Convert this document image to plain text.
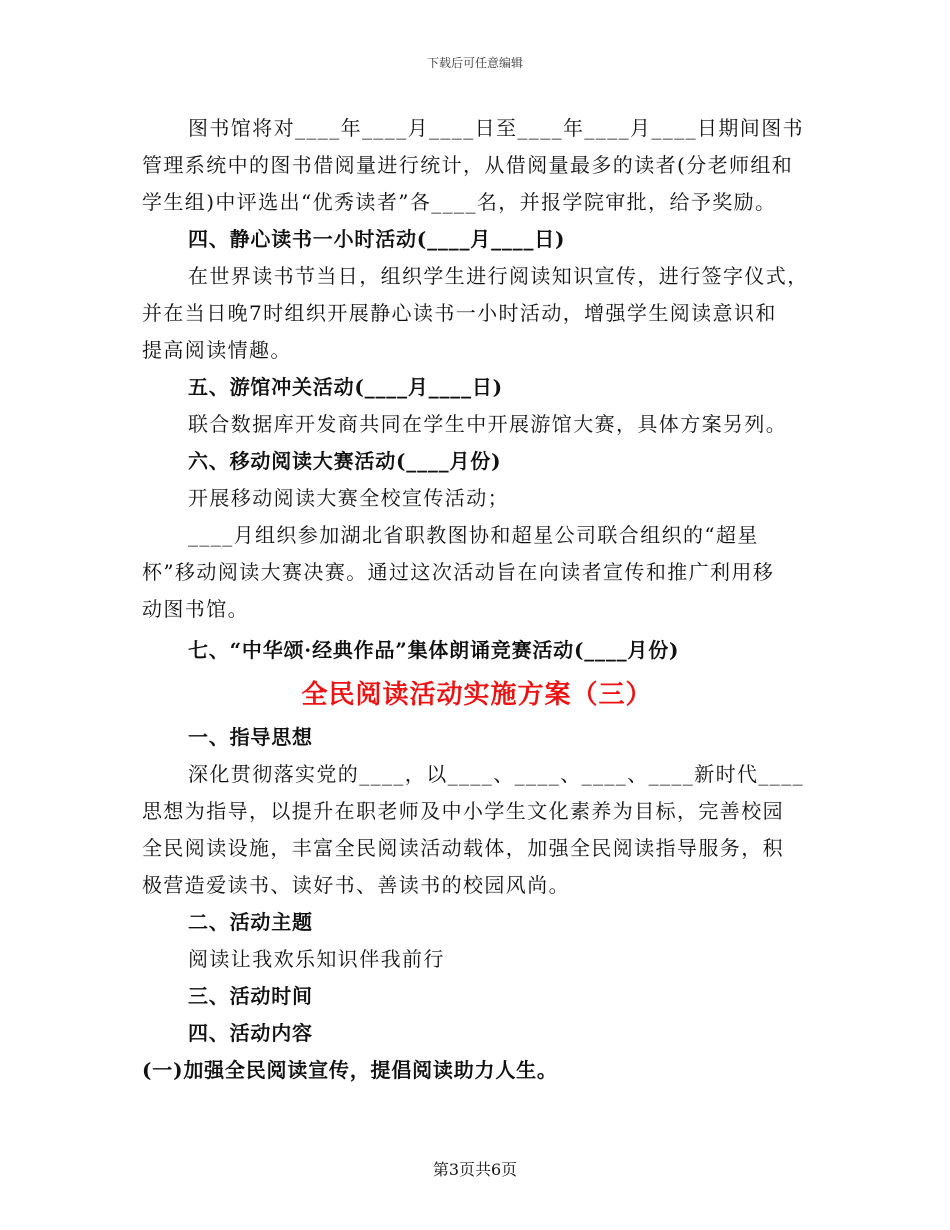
下载后可任意编辑
图书馆将对____年____月____日至____年____月____日期间图书
管理系统中的图书借阅量进行统计，从借阅量最多的读者(分老师组和
学生组)中评选出“优秀读者”各____名，并报学院审批，给予奖励。
四、静心读书一小时活动(____月____日)
在世界读书节当日，组织学生进行阅读知识宣传，进行签字仪式，
并在当日晚7时组织开展静心读书一小时活动，增强学生阅读意识和
提高阅读情趣。
五、游馆冲关活动(____月____日)
联合数据库开发商共同在学生中开展游馆大赛，具体方案另列。
六、移动阅读大赛活动(____月份)
开展移动阅读大赛全校宣传活动；
____月组织参加湖北省职教图协和超星公司联合组织的“超星
杯”移动阅读大赛决赛。通过这次活动旨在向读者宣传和推广利用移
动图书馆。
七、“中华颂·经典作品”集体朗诵竞赛活动(____月份)
全民阅读活动实施方案（三）
一、指导思想
深化贯彻落实党的____，以____、____、____、____新时代____
思想为指导，以提升在职老师及中小学生文化素养为目标，完善校园
全民阅读设施，丰富全民阅读活动载体，加强全民阅读指导服务，积
极营造爱读书、读好书、善读书的校园风尚。
二、活动主题
阅读让我欢乐知识伴我前行
三、活动时间
四、活动内容
(一)加强全民阅读宣传，提倡阅读助力人生。
第3页共6页
